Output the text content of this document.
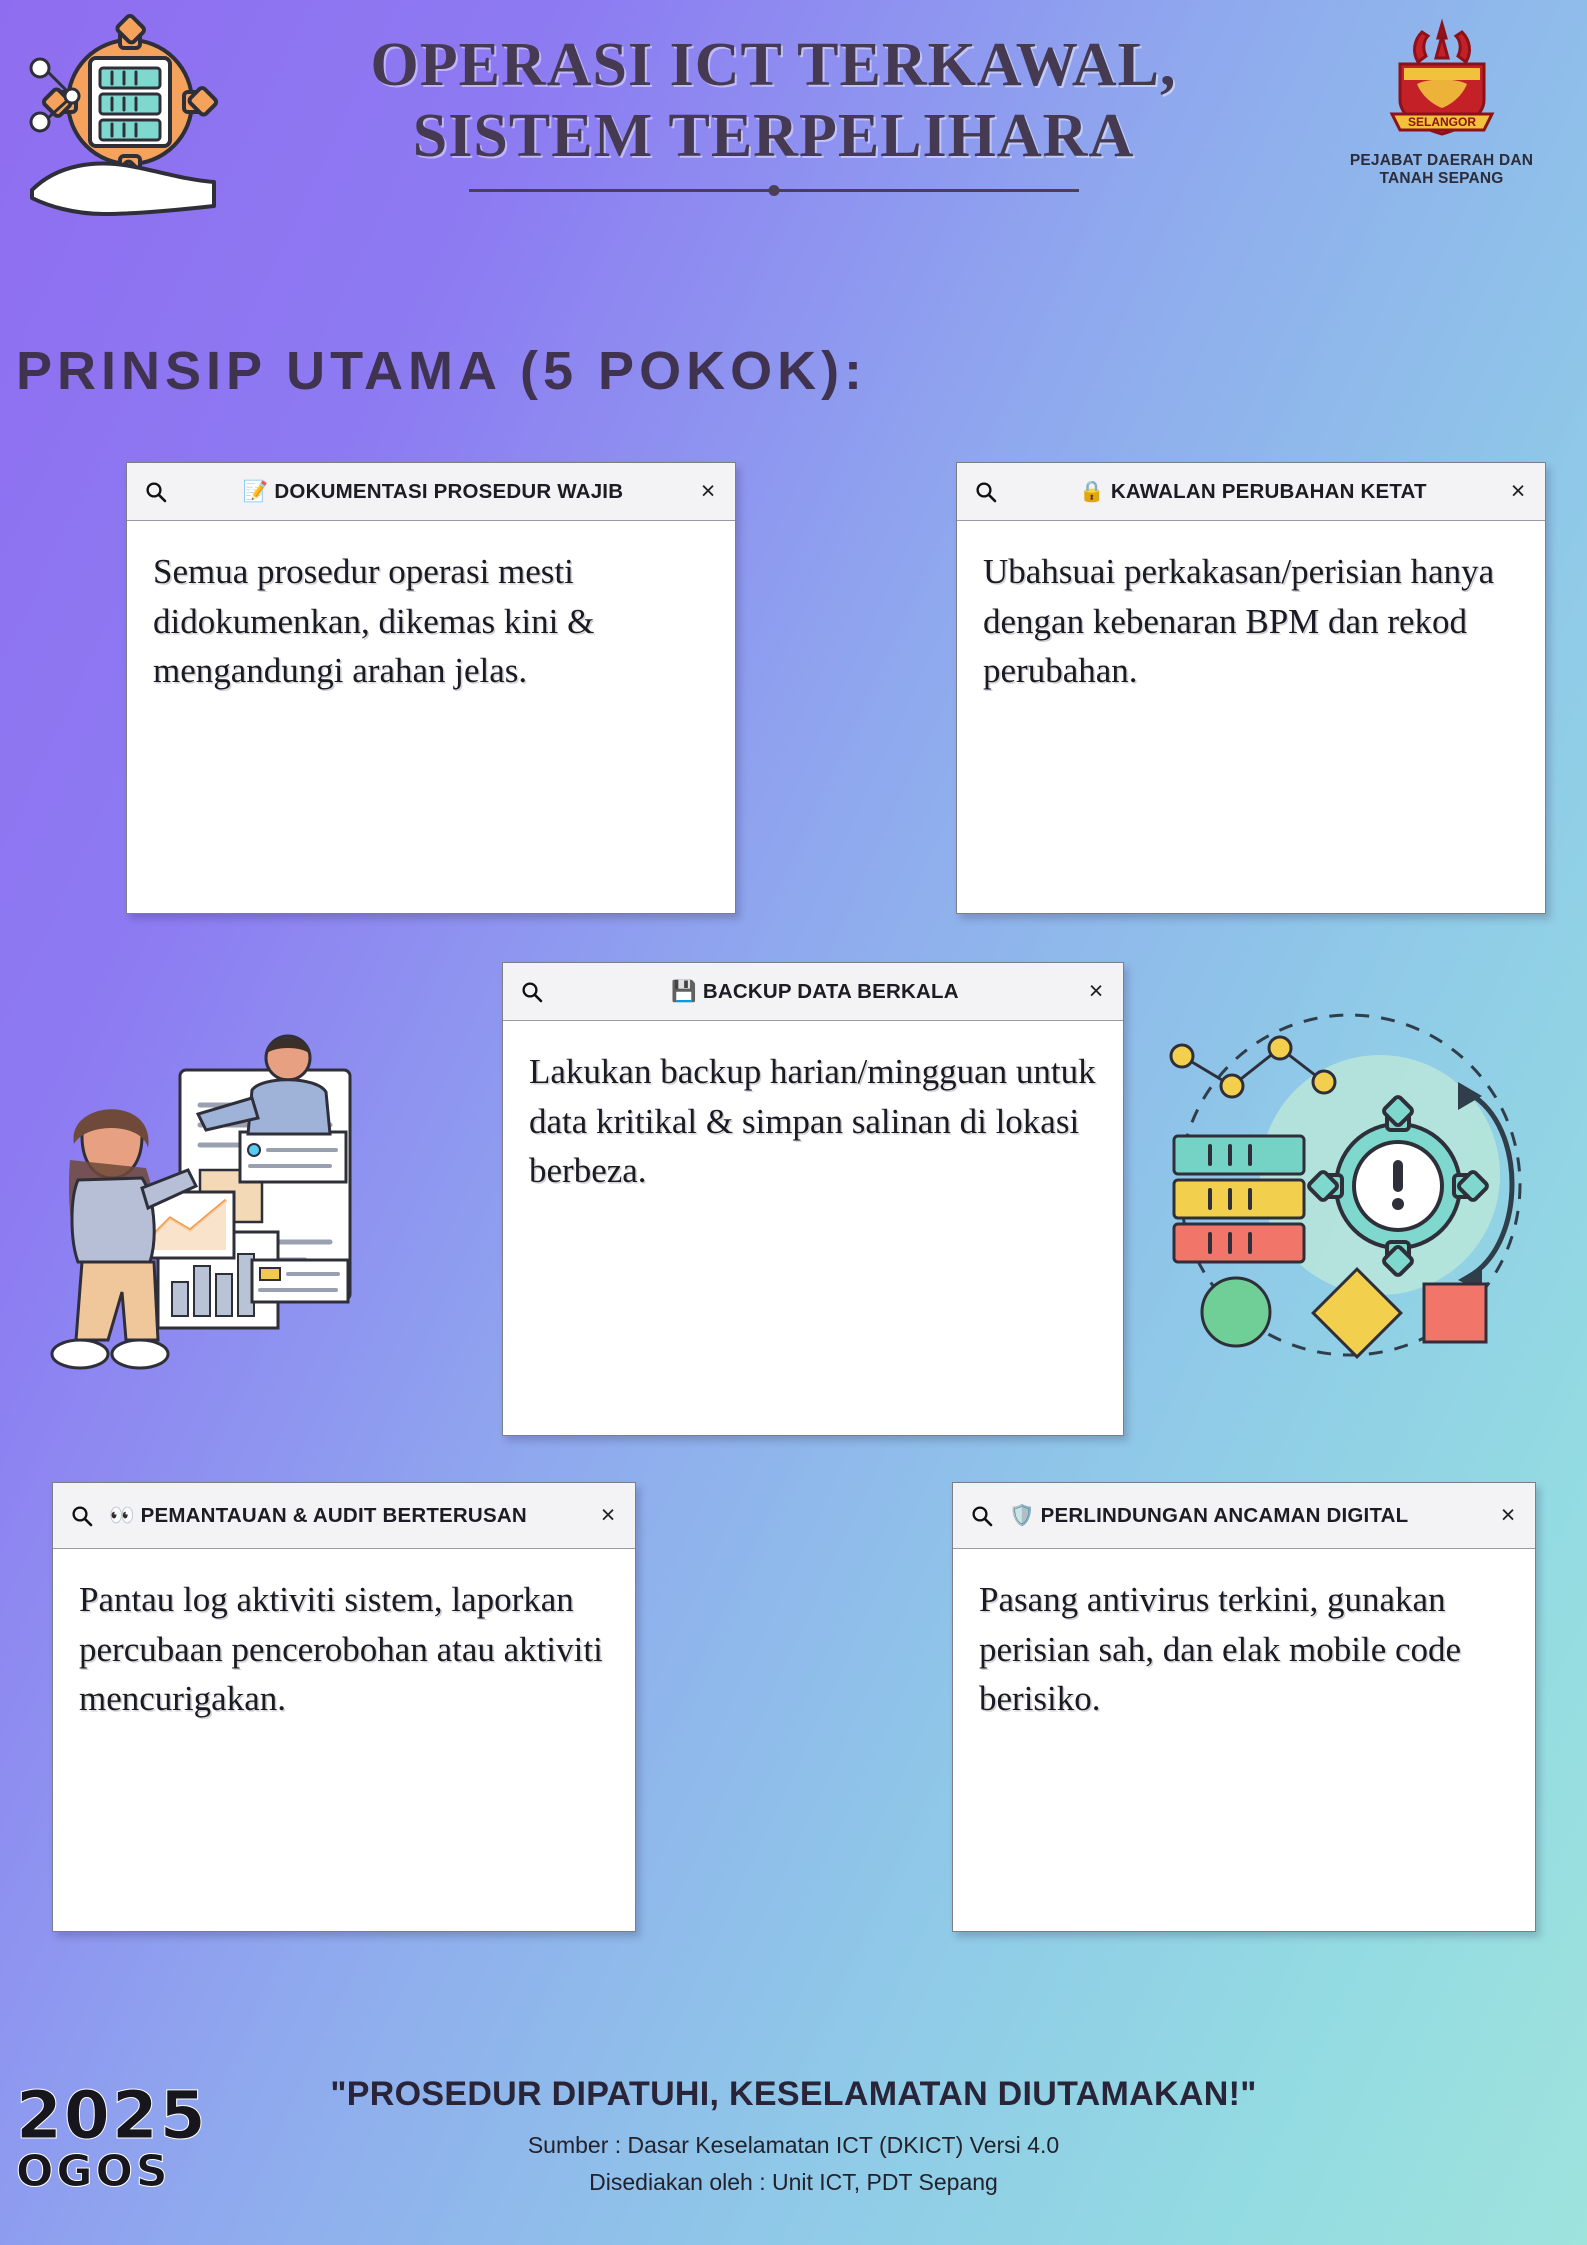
OPERASI ICT TERKAWAL, SISTEM TERPELIHARA	SELANGOR
PEJABAT DAERAH DAN TANAH SEPANG
PRINSIP UTAMA (5 POKOK):
📝 DOKUMENTASI PROSEDUR WAJIB	×
Semua prosedur operasi mesti didokumenkan, dikemas kini & mengandungi arahan jelas.
🔒 KAWALAN PERUBAHAN KETAT	×
Ubahsuai perkakasan/perisian hanya dengan kebenaran BPM dan rekod perubahan.
💾 BACKUP DATA BERKALA	×
Lakukan backup harian/mingguan untuk data kritikal & simpan salinan di lokasi berbeza.
👀 PEMANTAUAN & AUDIT BERTERUSAN	×
Pantau log aktiviti sistem, laporkan percubaan pencerobohan atau aktiviti mencurigakan.
🛡️ PERLINDUNGAN ANCAMAN DIGITAL	×
Pasang antivirus terkini, gunakan perisian sah, dan elak mobile code berisiko.
2025
OGOS
"PROSEDUR DIPATUHI, KESELAMATAN DIUTAMAKAN!"
Sumber : Dasar Keselamatan ICT (DKICT) Versi 4.0
Disediakan oleh : Unit ICT, PDT Sepang
